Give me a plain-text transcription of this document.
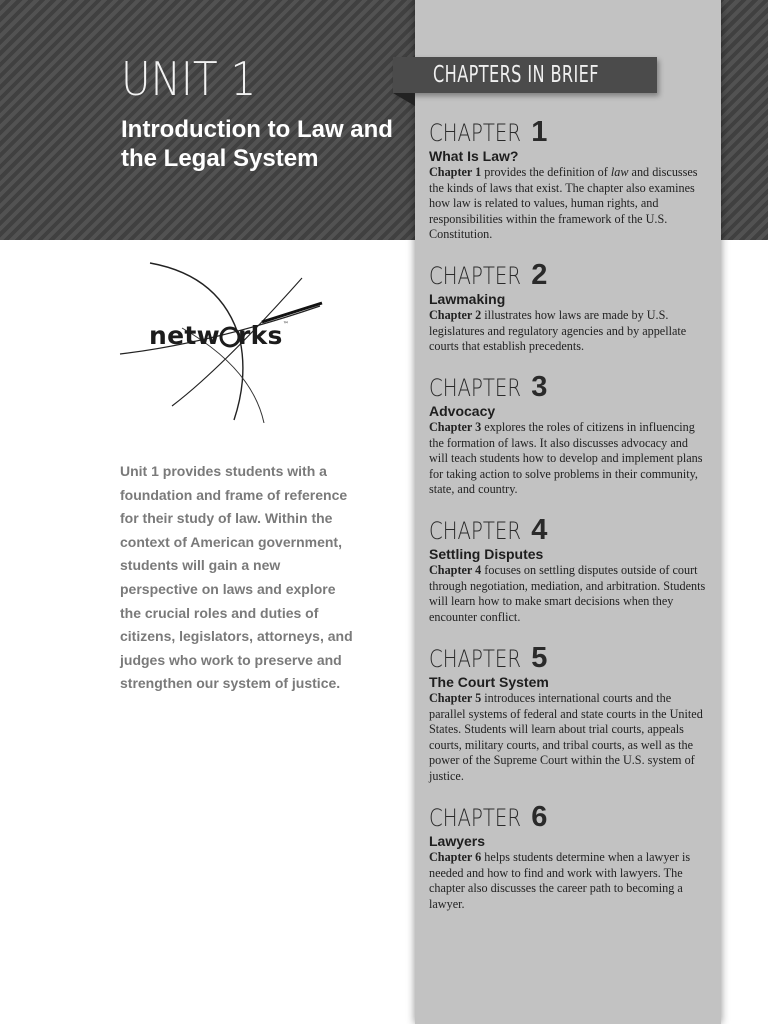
UNIT 1
Introduction to Law and the Legal System
CHAPTERS IN BRIEF
CHAPTER 1
What Is Law?
Chapter 1 provides the definition of law and discusses the kinds of laws that exist. The chapter also examines how law is related to values, human rights, and responsibilities within the framework of the U.S. Constitution.
CHAPTER 2
Lawmaking
Chapter 2 illustrates how laws are made by U.S. legislatures and regulatory agencies and by appellate courts that establish precedents.
CHAPTER 3
Advocacy
Chapter 3 explores the roles of citizens in influencing the formation of laws. It also discusses advocacy and will teach students how to develop and implement plans for taking action to solve problems in their community, state, and country.
CHAPTER 4
Settling Disputes
Chapter 4 focuses on settling disputes outside of court through negotiation, mediation, and arbitration. Students will learn how to make smart decisions when they encounter conflict.
CHAPTER 5
The Court System
Chapter 5 introduces international courts and the parallel systems of federal and state courts in the United States. Students will learn about trial courts, appeals courts, military courts, and tribal courts, as well as the power of the Supreme Court within the U.S. system of justice.
CHAPTER 6
Lawyers
Chapter 6 helps students determine when a lawyer is needed and how to find and work with lawyers. The chapter also discusses the career path to becoming a lawyer.
netw rks™
Unit 1 provides students with a foundation and frame of reference for their study of law. Within the context of American government, students will gain a new perspective on laws and explore the crucial roles and duties of citizens, legislators, attorneys, and judges who work to preserve and strengthen our system of justice.
